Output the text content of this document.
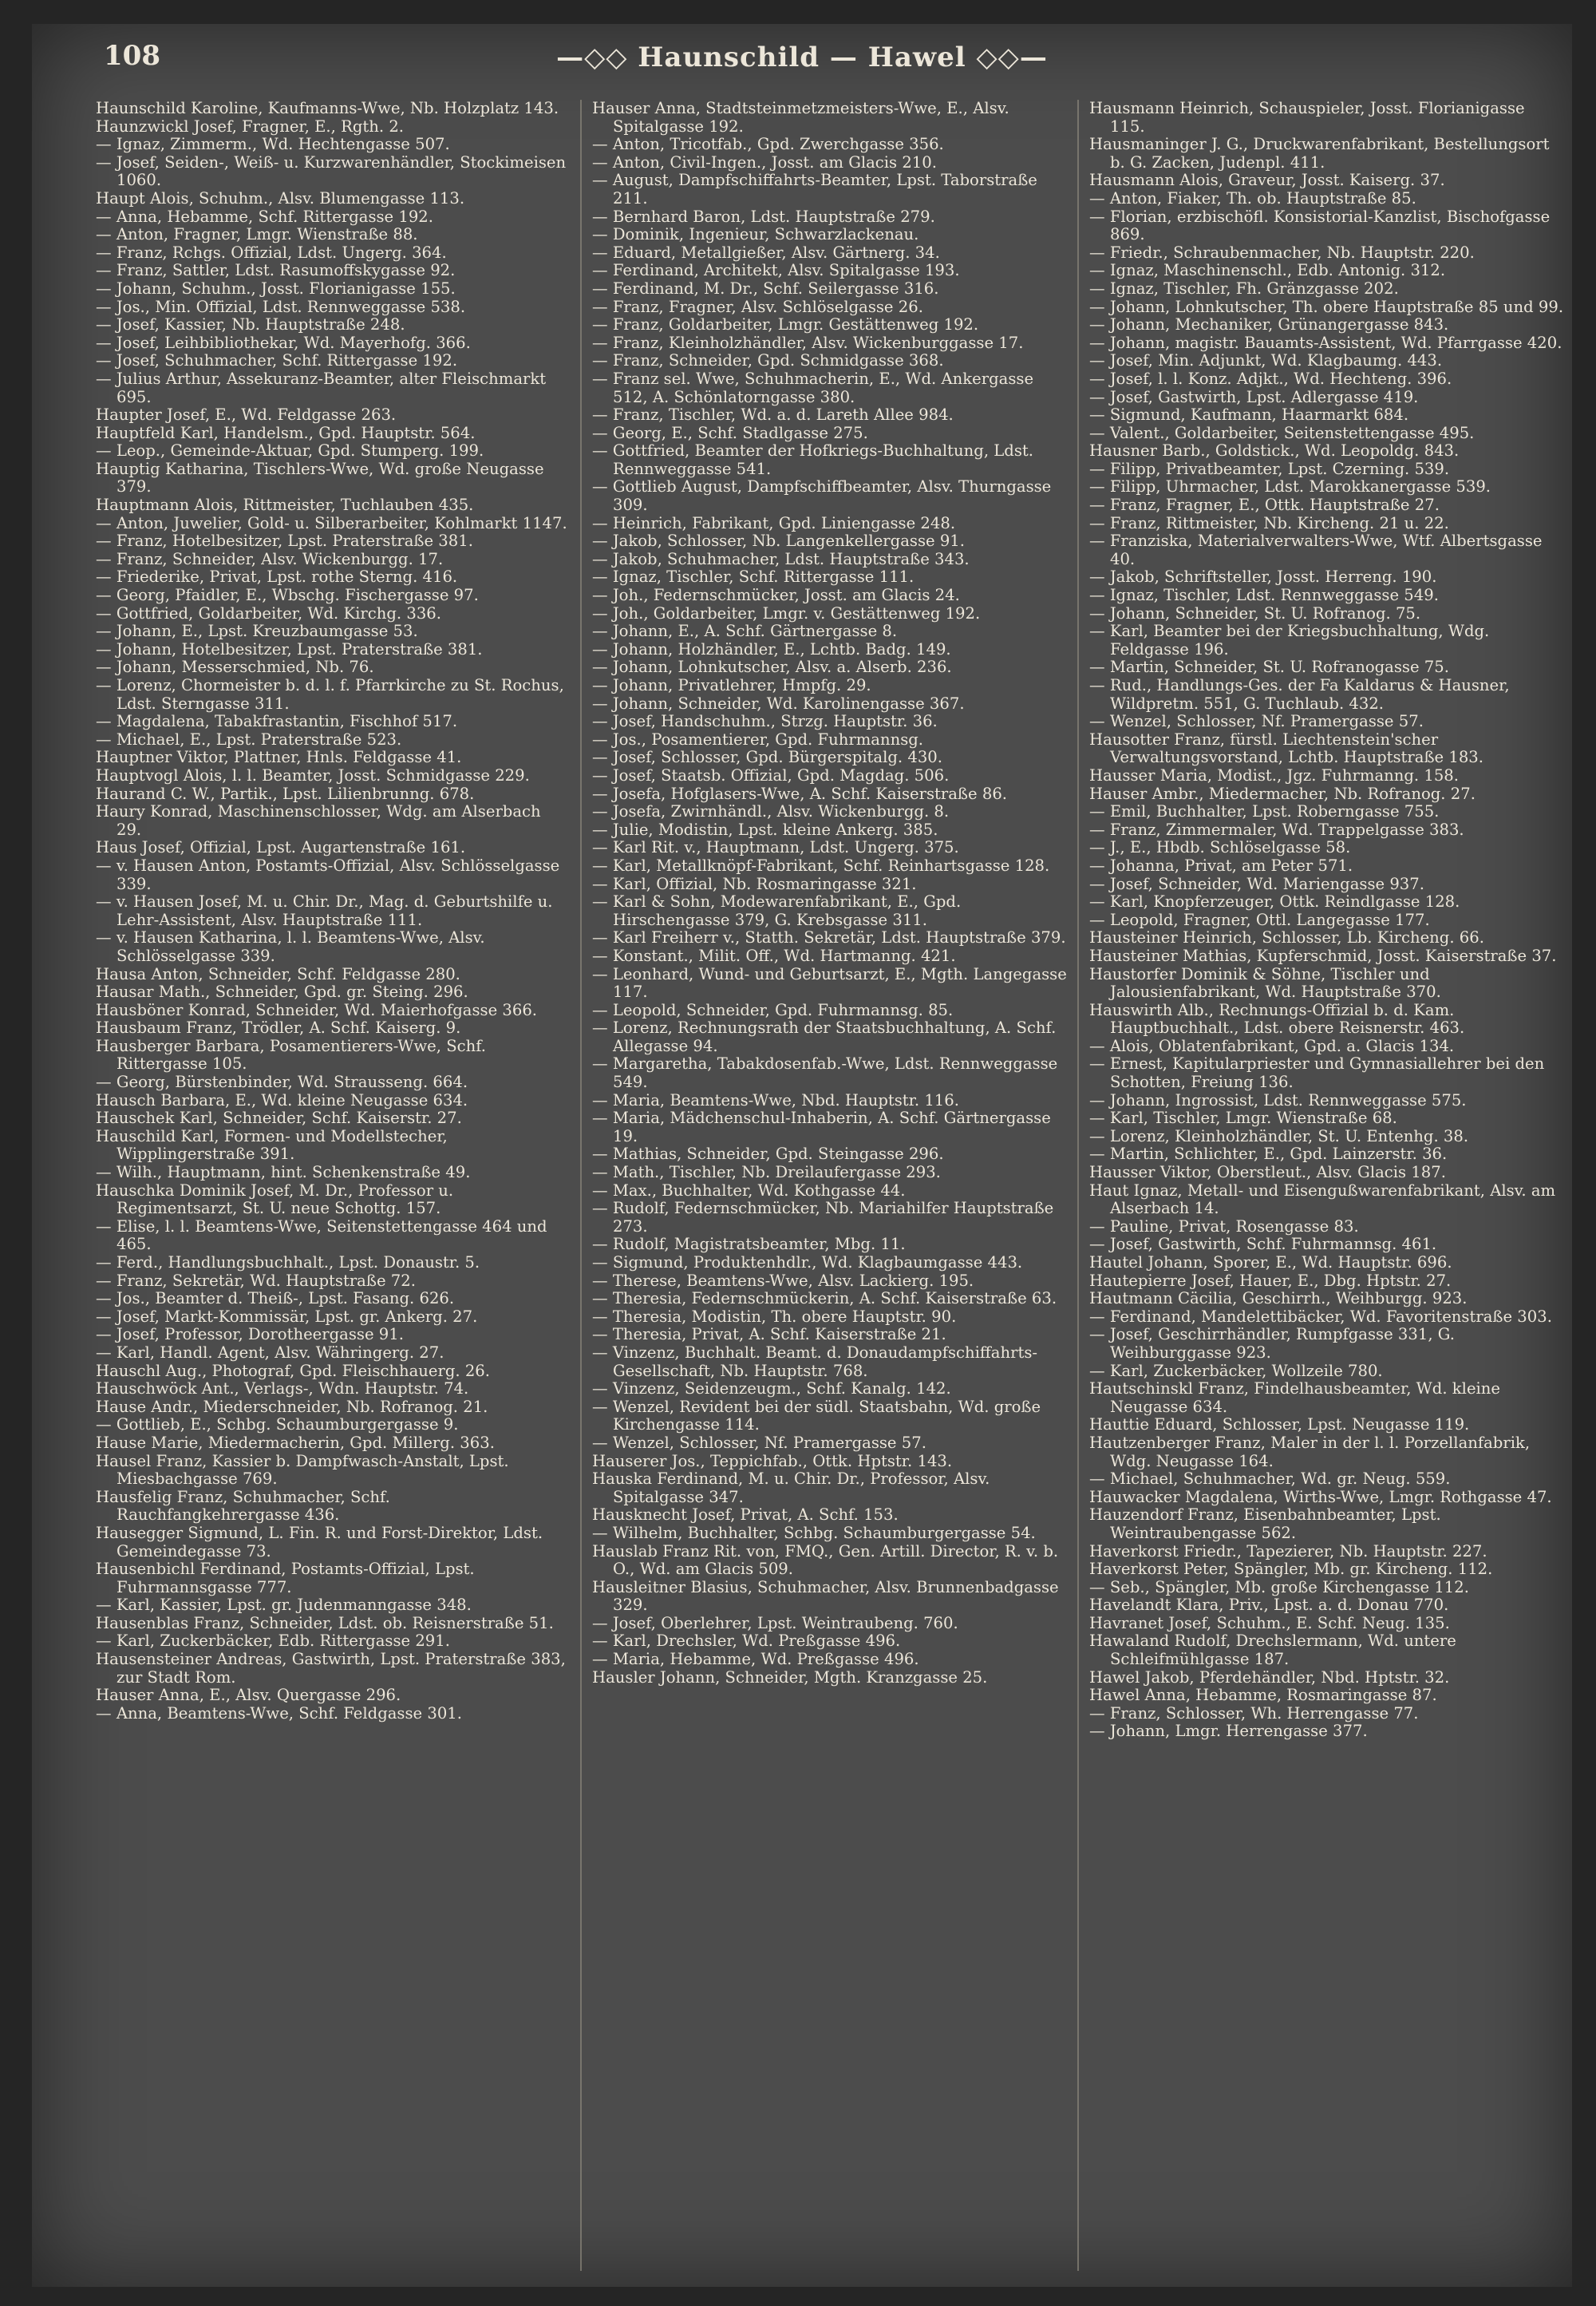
108	—◇◇ Haunschild — Hawel ◇◇—
Haunschild Karoline, Kaufmanns-Wwe, Nb. Holzplatz 143.
Haunzwickl Josef, Fragner, E., Rgth. 2.
— Ignaz, Zimmerm., Wd. Hechtengasse 507.
— Josef, Seiden-, Weiß- u. Kurzwarenhändler, Stockimeisen 1060.
Haupt Alois, Schuhm., Alsv. Blumengasse 113.
— Anna, Hebamme, Schf. Rittergasse 192.
— Anton, Fragner, Lmgr. Wienstraße 88.
— Franz, Rchgs. Offizial, Ldst. Ungerg. 364.
— Franz, Sattler, Ldst. Rasumoffskygasse 92.
— Johann, Schuhm., Josst. Florianigasse 155.
— Jos., Min. Offizial, Ldst. Rennweggasse 538.
— Josef, Kassier, Nb. Hauptstraße 248.
— Josef, Leihbibliothekar, Wd. Mayerhofg. 366.
— Josef, Schuhmacher, Schf. Rittergasse 192.
— Julius Arthur, Assekuranz-Beamter, alter Fleischmarkt 695.
Haupter Josef, E., Wd. Feldgasse 263.
Hauptfeld Karl, Handelsm., Gpd. Hauptstr. 564.
— Leop., Gemeinde-Aktuar, Gpd. Stumperg. 199.
Hauptig Katharina, Tischlers-Wwe, Wd. große Neugasse 379.
Hauptmann Alois, Rittmeister, Tuchlauben 435.
— Anton, Juwelier, Gold- u. Silberarbeiter, Kohlmarkt 1147.
— Franz, Hotelbesitzer, Lpst. Praterstraße 381.
— Franz, Schneider, Alsv. Wickenburgg. 17.
— Friederike, Privat, Lpst. rothe Sterng. 416.
— Georg, Pfaidler, E., Wbschg. Fischergasse 97.
— Gottfried, Goldarbeiter, Wd. Kirchg. 336.
— Johann, E., Lpst. Kreuzbaumgasse 53.
— Johann, Hotelbesitzer, Lpst. Praterstraße 381.
— Johann, Messerschmied, Nb. 76.
— Lorenz, Chormeister b. d. l. f. Pfarrkirche zu St. Rochus, Ldst. Sterngasse 311.
— Magdalena, Tabakfrastantin, Fischhof 517.
— Michael, E., Lpst. Praterstraße 523.
Hauptner Viktor, Plattner, Hnls. Feldgasse 41.
Hauptvogl Alois, l. l. Beamter, Josst. Schmidgasse 229.
Haurand C. W., Partik., Lpst. Lilienbrunng. 678.
Haury Konrad, Maschinenschlosser, Wdg. am Alserbach 29.
Haus Josef, Offizial, Lpst. Augartenstraße 161.
— v. Hausen Anton, Postamts-Offizial, Alsv. Schlösselgasse 339.
— v. Hausen Josef, M. u. Chir. Dr., Mag. d. Geburtshilfe u. Lehr-Assistent, Alsv. Hauptstraße 111.
— v. Hausen Katharina, l. l. Beamtens-Wwe, Alsv. Schlösselgasse 339.
Hausa Anton, Schneider, Schf. Feldgasse 280.
Hausar Math., Schneider, Gpd. gr. Steing. 296.
Hausböner Konrad, Schneider, Wd. Maierhofgasse 366.
Hausbaum Franz, Trödler, A. Schf. Kaiserg. 9.
Hausberger Barbara, Posamentierers-Wwe, Schf. Rittergasse 105.
— Georg, Bürstenbinder, Wd. Strausseng. 664.
Hausch Barbara, E., Wd. kleine Neugasse 634.
Hauschek Karl, Schneider, Schf. Kaiserstr. 27.
Hauschild Karl, Formen- und Modellstecher, Wipplingerstraße 391.
— Wilh., Hauptmann, hint. Schenkenstraße 49.
Hauschka Dominik Josef, M. Dr., Professor u. Regimentsarzt, St. U. neue Schottg. 157.
— Elise, l. l. Beamtens-Wwe, Seitenstettengasse 464 und 465.
— Ferd., Handlungsbuchhalt., Lpst. Donaustr. 5.
— Franz, Sekretär, Wd. Hauptstraße 72.
— Jos., Beamter d. Theiß-, Lpst. Fasang. 626.
— Josef, Markt-Kommissär, Lpst. gr. Ankerg. 27.
— Josef, Professor, Dorotheergasse 91.
— Karl, Handl. Agent, Alsv. Währingerg. 27.
Hauschl Aug., Photograf, Gpd. Fleischhauerg. 26.
Hauschwöck Ant., Verlags-, Wdn. Hauptstr. 74.
Hause Andr., Miederschneider, Nb. Rofranog. 21.
— Gottlieb, E., Schbg. Schaumburgergasse 9.
Hause Marie, Miedermacherin, Gpd. Millerg. 363.
Hausel Franz, Kassier b. Dampfwasch-Anstalt, Lpst. Miesbachgasse 769.
Hausfelig Franz, Schuhmacher, Schf. Rauchfangkehrergasse 436.
Hausegger Sigmund, L. Fin. R. und Forst-Direktor, Ldst. Gemeindegasse 73.
Hausenbichl Ferdinand, Postamts-Offizial, Lpst. Fuhrmannsgasse 777.
— Karl, Kassier, Lpst. gr. Judenmanngasse 348.
Hausenblas Franz, Schneider, Ldst. ob. Reisnerstraße 51.
— Karl, Zuckerbäcker, Edb. Rittergasse 291.
Hausensteiner Andreas, Gastwirth, Lpst. Praterstraße 383, zur Stadt Rom.
Hauser Anna, E., Alsv. Quergasse 296.
— Anna, Beamtens-Wwe, Schf. Feldgasse 301.
Hauser Anna, Stadtsteinmetzmeisters-Wwe, E., Alsv. Spitalgasse 192.
— Anton, Tricotfab., Gpd. Zwerchgasse 356.
— Anton, Civil-Ingen., Josst. am Glacis 210.
— August, Dampfschiffahrts-Beamter, Lpst. Taborstraße 211.
— Bernhard Baron, Ldst. Hauptstraße 279.
— Dominik, Ingenieur, Schwarzlackenau.
— Eduard, Metallgießer, Alsv. Gärtnerg. 34.
— Ferdinand, Architekt, Alsv. Spitalgasse 193.
— Ferdinand, M. Dr., Schf. Seilergasse 316.
— Franz, Fragner, Alsv. Schlöselgasse 26.
— Franz, Goldarbeiter, Lmgr. Gestättenweg 192.
— Franz, Kleinholzhändler, Alsv. Wickenburggasse 17.
— Franz, Schneider, Gpd. Schmidgasse 368.
— Franz sel. Wwe, Schuhmacherin, E., Wd. Ankergasse 512, A. Schönlatorngasse 380.
— Franz, Tischler, Wd. a. d. Lareth Allee 984.
— Georg, E., Schf. Stadlgasse 275.
— Gottfried, Beamter der Hofkriegs-Buchhaltung, Ldst. Rennweggasse 541.
— Gottlieb August, Dampfschiffbeamter, Alsv. Thurngasse 309.
— Heinrich, Fabrikant, Gpd. Liniengasse 248.
— Jakob, Schlosser, Nb. Langenkellergasse 91.
— Jakob, Schuhmacher, Ldst. Hauptstraße 343.
— Ignaz, Tischler, Schf. Rittergasse 111.
— Joh., Federnschmücker, Josst. am Glacis 24.
— Joh., Goldarbeiter, Lmgr. v. Gestättenweg 192.
— Johann, E., A. Schf. Gärtnergasse 8.
— Johann, Holzhändler, E., Lchtb. Badg. 149.
— Johann, Lohnkutscher, Alsv. a. Alserb. 236.
— Johann, Privatlehrer, Hmpfg. 29.
— Johann, Schneider, Wd. Karolinengasse 367.
— Josef, Handschuhm., Strzg. Hauptstr. 36.
— Jos., Posamentierer, Gpd. Fuhrmannsg.
— Josef, Schlosser, Gpd. Bürgerspitalg. 430.
— Josef, Staatsb. Offizial, Gpd. Magdag. 506.
— Josefa, Hofglasers-Wwe, A. Schf. Kaiserstraße 86.
— Josefa, Zwirnhändl., Alsv. Wickenburgg. 8.
— Julie, Modistin, Lpst. kleine Ankerg. 385.
— Karl Rit. v., Hauptmann, Ldst. Ungerg. 375.
— Karl, Metallknöpf-Fabrikant, Schf. Reinhartsgasse 128.
— Karl, Offizial, Nb. Rosmaringasse 321.
— Karl & Sohn, Modewarenfabrikant, E., Gpd. Hirschengasse 379, G. Krebsgasse 311.
— Karl Freiherr v., Statth. Sekretär, Ldst. Hauptstraße 379.
— Konstant., Milit. Off., Wd. Hartmanng. 421.
— Leonhard, Wund- und Geburtsarzt, E., Mgth. Langegasse 117.
— Leopold, Schneider, Gpd. Fuhrmannsg. 85.
— Lorenz, Rechnungsrath der Staatsbuchhaltung, A. Schf. Allegasse 94.
— Margaretha, Tabakdosenfab.-Wwe, Ldst. Rennweggasse 549.
— Maria, Beamtens-Wwe, Nbd. Hauptstr. 116.
— Maria, Mädchenschul-Inhaberin, A. Schf. Gärtnergasse 19.
— Mathias, Schneider, Gpd. Steingasse 296.
— Math., Tischler, Nb. Dreilaufergasse 293.
— Max., Buchhalter, Wd. Kothgasse 44.
— Rudolf, Federnschmücker, Nb. Mariahilfer Hauptstraße 273.
— Rudolf, Magistratsbeamter, Mbg. 11.
— Sigmund, Produktenhdlr., Wd. Klagbaumgasse 443.
— Therese, Beamtens-Wwe, Alsv. Lackierg. 195.
— Theresia, Federnschmückerin, A. Schf. Kaiserstraße 63.
— Theresia, Modistin, Th. obere Hauptstr. 90.
— Theresia, Privat, A. Schf. Kaiserstraße 21.
— Vinzenz, Buchhalt. Beamt. d. Donaudampfschiffahrts-Gesellschaft, Nb. Hauptstr. 768.
— Vinzenz, Seidenzeugm., Schf. Kanalg. 142.
— Wenzel, Revident bei der südl. Staatsbahn, Wd. große Kirchengasse 114.
— Wenzel, Schlosser, Nf. Pramergasse 57.
Hauserer Jos., Teppichfab., Ottk. Hptstr. 143.
Hauska Ferdinand, M. u. Chir. Dr., Professor, Alsv. Spitalgasse 347.
Hausknecht Josef, Privat, A. Schf. 153.
— Wilhelm, Buchhalter, Schbg. Schaumburgergasse 54.
Hauslab Franz Rit. von, FMQ., Gen. Artill. Director, R. v. b. O., Wd. am Glacis 509.
Hausleitner Blasius, Schuhmacher, Alsv. Brunnenbadgasse 329.
— Josef, Oberlehrer, Lpst. Weintraubeng. 760.
— Karl, Drechsler, Wd. Preßgasse 496.
— Maria, Hebamme, Wd. Preßgasse 496.
Hausler Johann, Schneider, Mgth. Kranzgasse 25.
Hausmann Heinrich, Schauspieler, Josst. Florianigasse 115.
Hausmaninger J. G., Druckwarenfabrikant, Bestellungsort b. G. Zacken, Judenpl. 411.
Hausmann Alois, Graveur, Josst. Kaiserg. 37.
— Anton, Fiaker, Th. ob. Hauptstraße 85.
— Florian, erzbischöfl. Konsistorial-Kanzlist, Bischofgasse 869.
— Friedr., Schraubenmacher, Nb. Hauptstr. 220.
— Ignaz, Maschinenschl., Edb. Antonig. 312.
— Ignaz, Tischler, Fh. Gränzgasse 202.
— Johann, Lohnkutscher, Th. obere Hauptstraße 85 und 99.
— Johann, Mechaniker, Grünangergasse 843.
— Johann, magistr. Bauamts-Assistent, Wd. Pfarrgasse 420.
— Josef, Min. Adjunkt, Wd. Klagbaumg. 443.
— Josef, l. l. Konz. Adjkt., Wd. Hechteng. 396.
— Josef, Gastwirth, Lpst. Adlergasse 419.
— Sigmund, Kaufmann, Haarmarkt 684.
— Valent., Goldarbeiter, Seitenstettengasse 495.
Hausner Barb., Goldstick., Wd. Leopoldg. 843.
— Filipp, Privatbeamter, Lpst. Czerning. 539.
— Filipp, Uhrmacher, Ldst. Marokkanergasse 539.
— Franz, Fragner, E., Ottk. Hauptstraße 27.
— Franz, Rittmeister, Nb. Kircheng. 21 u. 22.
— Franziska, Materialverwalters-Wwe, Wtf. Albertsgasse 40.
— Jakob, Schriftsteller, Josst. Herreng. 190.
— Ignaz, Tischler, Ldst. Rennweggasse 549.
— Johann, Schneider, St. U. Rofranog. 75.
— Karl, Beamter bei der Kriegsbuchhaltung, Wdg. Feldgasse 196.
— Martin, Schneider, St. U. Rofranogasse 75.
— Rud., Handlungs-Ges. der Fa Kaldarus & Hausner, Wildpretm. 551, G. Tuchlaub. 432.
— Wenzel, Schlosser, Nf. Pramergasse 57.
Hausotter Franz, fürstl. Liechtenstein'scher Verwaltungsvorstand, Lchtb. Hauptstraße 183.
Hausser Maria, Modist., Jgz. Fuhrmanng. 158.
Hauser Ambr., Miedermacher, Nb. Rofranog. 27.
— Emil, Buchhalter, Lpst. Roberngasse 755.
— Franz, Zimmermaler, Wd. Trappelgasse 383.
— J., E., Hbdb. Schlöselgasse 58.
— Johanna, Privat, am Peter 571.
— Josef, Schneider, Wd. Mariengasse 937.
— Karl, Knopferzeuger, Ottk. Reindlgasse 128.
— Leopold, Fragner, Ottl. Langegasse 177.
Hausteiner Heinrich, Schlosser, Lb. Kircheng. 66.
Hausteiner Mathias, Kupferschmid, Josst. Kaiserstraße 37.
Haustorfer Dominik & Söhne, Tischler und Jalousienfabrikant, Wd. Hauptstraße 370.
Hauswirth Alb., Rechnungs-Offizial b. d. Kam. Hauptbuchhalt., Ldst. obere Reisnerstr. 463.
— Alois, Oblatenfabrikant, Gpd. a. Glacis 134.
— Ernest, Kapitularpriester und Gymnasiallehrer bei den Schotten, Freiung 136.
— Johann, Ingrossist, Ldst. Rennweggasse 575.
— Karl, Tischler, Lmgr. Wienstraße 68.
— Lorenz, Kleinholzhändler, St. U. Entenhg. 38.
— Martin, Schlichter, E., Gpd. Lainzerstr. 36.
Hausser Viktor, Oberstleut., Alsv. Glacis 187.
Haut Ignaz, Metall- und Eisengußwarenfabrikant, Alsv. am Alserbach 14.
— Pauline, Privat, Rosengasse 83.
— Josef, Gastwirth, Schf. Fuhrmannsg. 461.
Hautel Johann, Sporer, E., Wd. Hauptstr. 696.
Hautepierre Josef, Hauer, E., Dbg. Hptstr. 27.
Hautmann Cäcilia, Geschirrh., Weihburgg. 923.
— Ferdinand, Mandelettibäcker, Wd. Favoritenstraße 303.
— Josef, Geschirrhändler, Rumpfgasse 331, G. Weihburggasse 923.
— Karl, Zuckerbäcker, Wollzeile 780.
Hautschinskl Franz, Findelhausbeamter, Wd. kleine Neugasse 634.
Hauttie Eduard, Schlosser, Lpst. Neugasse 119.
Hautzenberger Franz, Maler in der l. l. Porzellanfabrik, Wdg. Neugasse 164.
— Michael, Schuhmacher, Wd. gr. Neug. 559.
Hauwacker Magdalena, Wirths-Wwe, Lmgr. Rothgasse 47.
Hauzendorf Franz, Eisenbahnbeamter, Lpst. Weintraubengasse 562.
Haverkorst Friedr., Tapezierer, Nb. Hauptstr. 227.
Haverkorst Peter, Spängler, Mb. gr. Kircheng. 112.
— Seb., Spängler, Mb. große Kirchengasse 112.
Havelandt Klara, Priv., Lpst. a. d. Donau 770.
Havranet Josef, Schuhm., E. Schf. Neug. 135.
Hawaland Rudolf, Drechslermann, Wd. untere Schleifmühlgasse 187.
Hawel Jakob, Pferdehändler, Nbd. Hptstr. 32.
Hawel Anna, Hebamme, Rosmaringasse 87.
— Franz, Schlosser, Wh. Herrengasse 77.
— Johann, Lmgr. Herrengasse 377.
